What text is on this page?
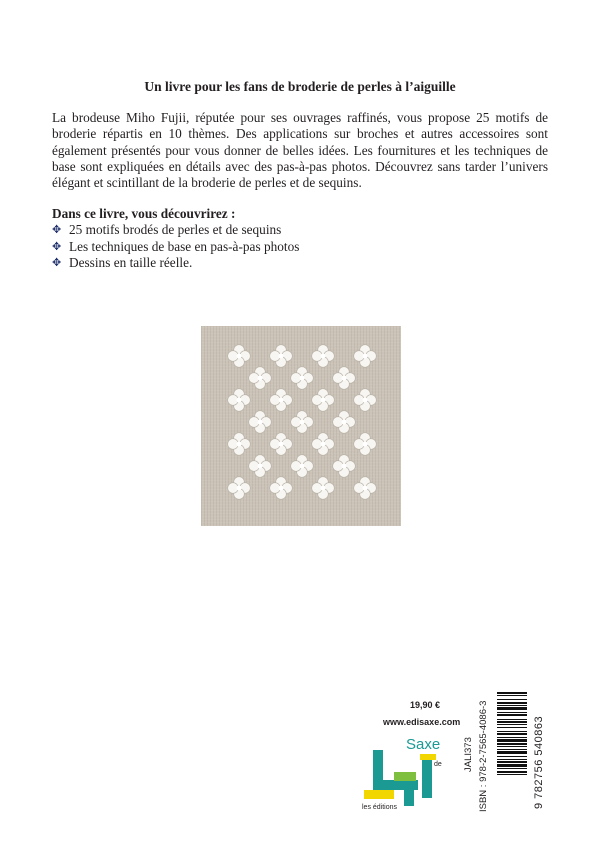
Un livre pour les fans de broderie de perles à l’aiguille

La brodeuse Miho Fujii, réputée pour ses ouvrages raffinés, vous propose 25 motifs de broderie répartis en 10 thèmes. Des applications sur broches et autres accessoires sont également présentés pour vous donner de belles idées. Les fournitures et les techniques de base sont expliquées en détails avec des pas-à-pas photos. Découvrez sans tarder l’univers élégant et scintillant de la broderie de perles et de sequins.

Dans ce livre, vous découvrirez :
✥ 25 motifs brodés de perles et de sequins
✥ Les techniques de base en pas-à-pas photos
✥ Dessins en taille réelle.
19,90 €
www.edisaxe.com
Saxe
de
les éditions
JALI373 ISBN : 978-2-7565-4086-3	9 782756 540863
